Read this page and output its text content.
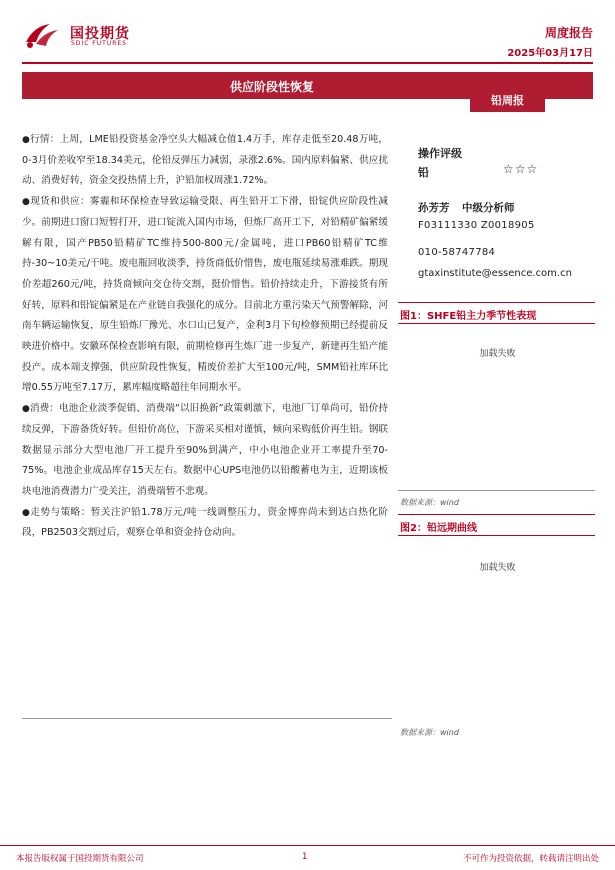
国投期货
SDIC FUTURES
周度报告
2025年03月17日
供应阶段性恢复
铅周报

●行情：上周，LME铅投资基金净空头大幅减仓值1.4万手，库存走低至20.48万吨，0-3月价差收窄至18.34美元，伦铅反弹压力减弱，录涨2.6%。国内原料偏紧、供应扰动、消费好转，资金交投热情上升，沪铅加权周涨1.72%。

●现货和供应：雾霾和环保检查导致运输受限、再生铅开工下滑，铅锭供应阶段性减少。前期进口窗口短暂打开，进口锭流入国内市场，但炼厂高开工下，对铅精矿偏紧缓解有限，国产PB50铅精矿TC维持500-800元/金属吨，进口PB60铅精矿TC维持-30~10美元/干吨。废电瓶回收淡季，持货商低价惜售，废电瓶延续易涨难跌。期现价差超260元/吨，持货商倾向交仓待交割，挺价惜售。铅价持续走升，下游接货有所好转，原料和铅锭偏紧是在产业链自我强化的成分。目前北方重污染天气预警解除，河南车辆运输恢复，原生铅炼厂豫光、水口山已复产，金利3月下旬检修预期已经提前反映进价格中。安徽环保检查影响有限，前期检修再生炼厂进一步复产，新建再生铅产能投产。成本端支撑强，供应阶段性恢复，精废价差扩大至100元/吨，SMM铅社库环比增0.55万吨至7.17万，累库幅度略超往年同期水平。

●消费：电池企业淡季促销、消费端“以旧换新”政策刺激下，电池厂订单尚可，铅价持续反弹，下游备货好转。但铅价高位，下游采买相对谨慎，倾向采购低价再生铅。钢联数据显示部分大型电池厂开工提升至90%到满产，中小电池企业开工率提升至70-75%。电池企业成品库存15天左右。数据中心UPS电池仍以铅酸蓄电为主，近期该板块电池消费潜力广受关注，消费端暂不悲观。

●走势与策略：暂关注沪铅1.78万元/吨一线调整压力，资金博弈尚未到达白热化阶段，PB2503交割过后，观察仓单和资金持仓动向。

数据来源：wind
操作评级
铅	☆☆☆
孙芳芳 中级分析师
F03111330 Z0018905
010-58747784
gtaxinstitute@essence.com.cn
图1：SHFE铅主力季节性表现
加载失败
数据来源：wind
图2：铅远期曲线
加载失败
本报告版权属于国投期货有限公司	1	不可作为投资依据，转载请注明出处
